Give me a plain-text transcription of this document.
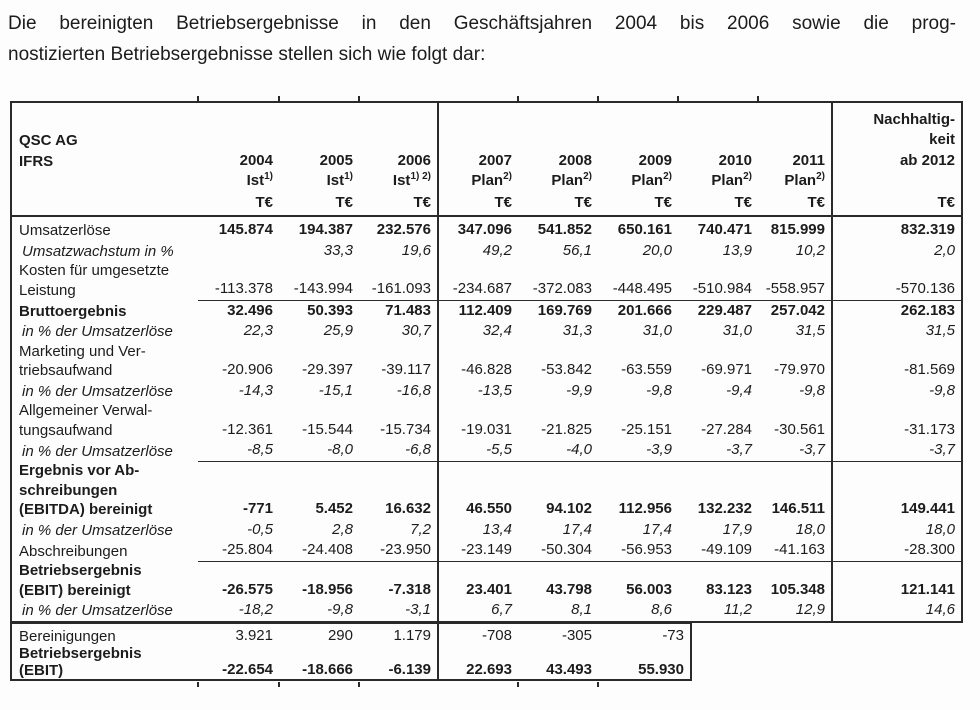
Die bereinigten Betriebsergebnisse in den Geschäftsjahren 2004 bis 2006 sowie die prog-
nostizierten Betriebsergebnisse stellen sich wie folgt dar:

									Nachhaltig-
QSC AG									keit
IFRS	2004	2005	2006	2007	2008	2009	2010	2011	ab 2012
	Ist$^{1)}$	Ist$^{1)}$	Ist$^{1) 2)}$	Plan$^{2)}$	Plan$^{2)}$	Plan$^{2)}$	Plan$^{2)}$	Plan$^{2)}$	
	T€	T€	T€	T€	T€	T€	T€	T€	T€
Umsatzerlöse	145.874	194.387	232.576	347.096	541.852	650.161	740.471	815.999	832.319
Umsatzwachstum in %		33,3	19,6	49,2	56,1	20,0	13,9	10,2	2,0
Kosten für umgesetzte
Leistung	-113.378	-143.994	-161.093	-234.687	-372.083	-448.495	-510.984	-558.957	-570.136
Bruttoergebnis	32.496	50.393	71.483	112.409	169.769	201.666	229.487	257.042	262.183
in % der Umsatzerlöse	22,3	25,9	30,7	32,4	31,3	31,0	31,0	31,5	31,5
Marketing und Ver-
triebsaufwand	-20.906	-29.397	-39.117	-46.828	-53.842	-63.559	-69.971	-79.970	-81.569
in % der Umsatzerlöse	-14,3	-15,1	-16,8	-13,5	-9,9	-9,8	-9,4	-9,8	-9,8
Allgemeiner Verwal-
tungsaufwand	-12.361	-15.544	-15.734	-19.031	-21.825	-25.151	-27.284	-30.561	-31.173
in % der Umsatzerlöse	-8,5	-8,0	-6,8	-5,5	-4,0	-3,9	-3,7	-3,7	-3,7
Ergebnis vor Ab-
schreibungen
(EBITDA) bereinigt	-771	5.452	16.632	46.550	94.102	112.956	132.232	146.511	149.441
in % der Umsatzerlöse	-0,5	2,8	7,2	13,4	17,4	17,4	17,9	18,0	18,0
Abschreibungen	-25.804	-24.408	-23.950	-23.149	-50.304	-56.953	-49.109	-41.163	-28.300
Betriebsergebnis
(EBIT) bereinigt	-26.575	-18.956	-7.318	23.401	43.798	56.003	83.123	105.348	121.141
in % der Umsatzerlöse	-18,2	-9,8	-3,1	6,7	8,1	8,6	11,2	12,9	14,6
Bereinigungen	3.921	290	1.179	-708	-305	-73
Betriebsergebnis
(EBIT)	-22.654	-18.666	-6.139	22.693	43.493	55.930
